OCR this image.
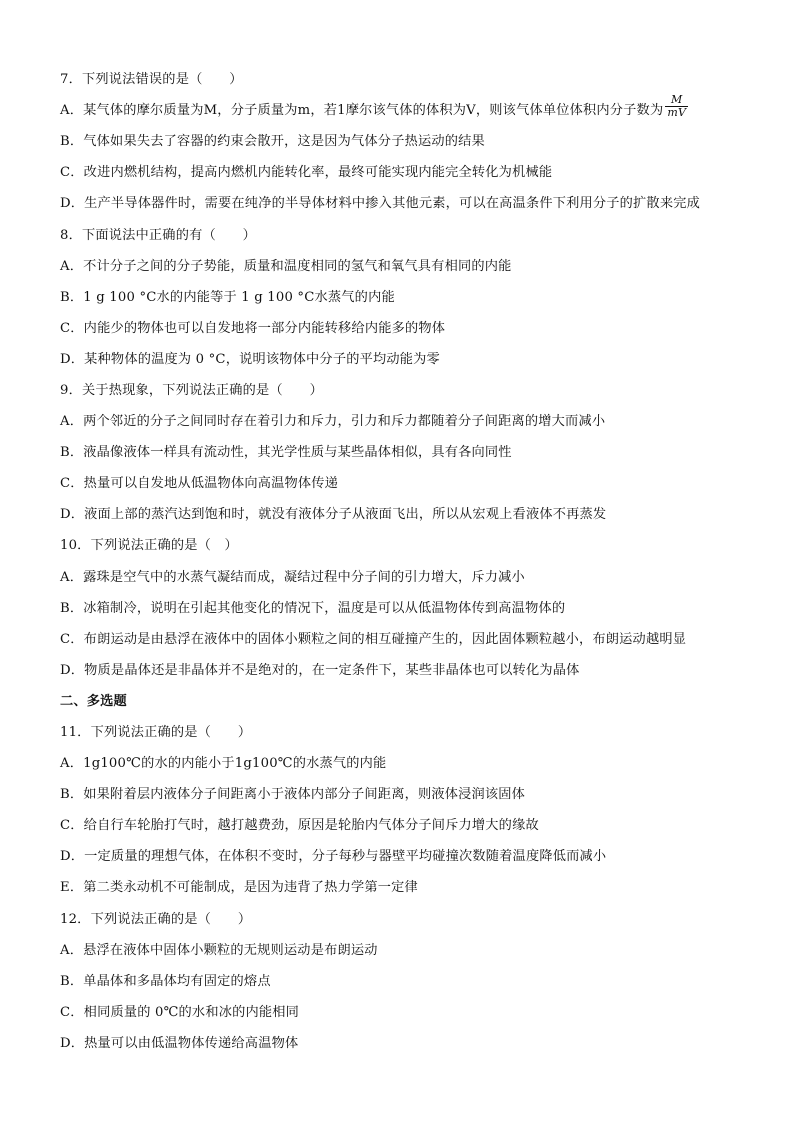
7．下列说法错误的是（　　）
A．某气体的摩尔质量为M，分子质量为m，若1摩尔该气体的体积为V，则该气体单位体积内分子数为 $\frac{M}{mV}$
B．气体如果失去了容器的约束会散开，这是因为气体分子热运动的结果
C．改进内燃机结构，提高内燃机内能转化率，最终可能实现内能完全转化为机械能
D．生产半导体器件时，需要在纯净的半导体材料中掺入其他元素，可以在高温条件下利用分子的扩散来完成
8．下面说法中正确的有（　　）
A．不计分子之间的分子势能，质量和温度相同的氢气和氧气具有相同的内能
B．1 g 100 °C水的内能等于 1 g 100 °C水蒸气的内能
C．内能少的物体也可以自发地将一部分内能转移给内能多的物体
D．某种物体的温度为 0 °C，说明该物体中分子的平均动能为零
9．关于热现象，下列说法正确的是（　　）
A．两个邻近的分子之间同时存在着引力和斥力，引力和斥力都随着分子间距离的增大而减小
B．液晶像液体一样具有流动性，其光学性质与某些晶体相似，具有各向同性
C．热量可以自发地从低温物体向高温物体传递
D．液面上部的蒸汽达到饱和时，就没有液体分子从液面飞出，所以从宏观上看液体不再蒸发
10．下列说法正确的是（　）
A．露珠是空气中的水蒸气凝结而成，凝结过程中分子间的引力增大，斥力减小
B．冰箱制冷，说明在引起其他变化的情况下，温度是可以从低温物体传到高温物体的
C．布朗运动是由悬浮在液体中的固体小颗粒之间的相互碰撞产生的，因此固体颗粒越小，布朗运动越明显
D．物质是晶体还是非晶体并不是绝对的，在一定条件下，某些非晶体也可以转化为晶体
二、多选题
11．下列说法正确的是（　　）
A．1g100℃的水的内能小于1g100℃的水蒸气的内能
B．如果附着层内液体分子间距离小于液体内部分子间距离，则液体浸润该固体
C．给自行车轮胎打气时，越打越费劲，原因是轮胎内气体分子间斥力增大的缘故
D．一定质量的理想气体，在体积不变时，分子每秒与器壁平均碰撞次数随着温度降低而减小
E．第二类永动机不可能制成，是因为违背了热力学第一定律
12．下列说法正确的是（　　）
A．悬浮在液体中固体小颗粒的无规则运动是布朗运动
B．单晶体和多晶体均有固定的熔点
C．相同质量的 0℃的水和冰的内能相同
D．热量可以由低温物体传递给高温物体
